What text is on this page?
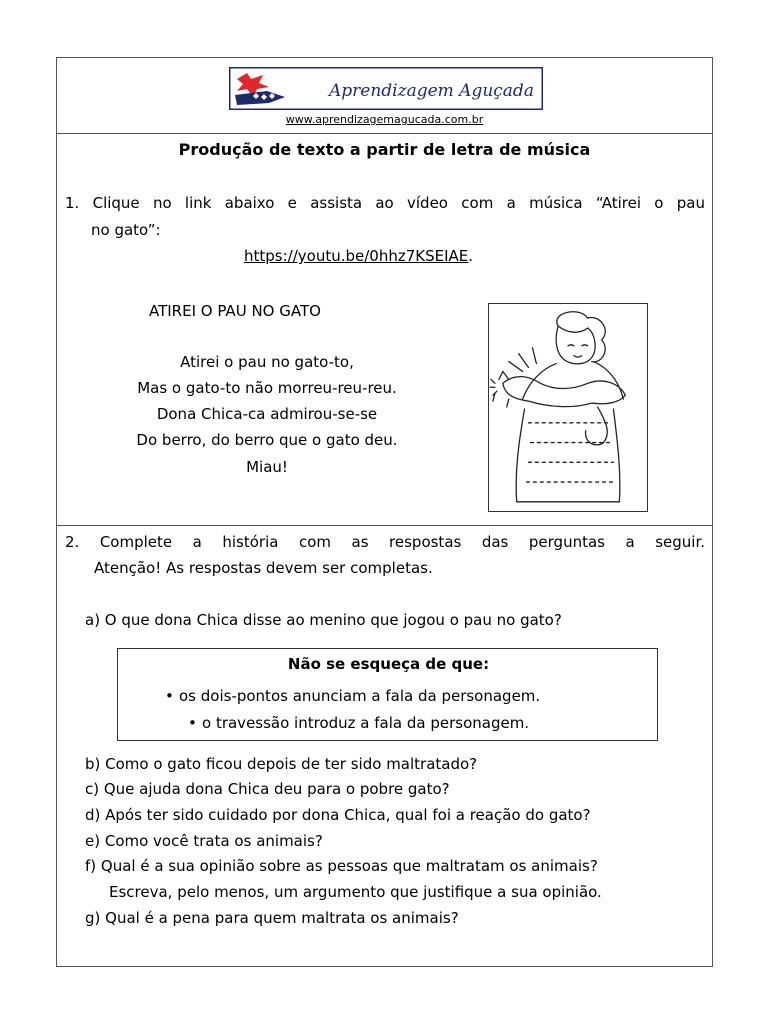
Aprendizagem Aguçada
www.aprendizagemagucada.com.br
Produção de texto a partir de letra de música
1. Clique no link abaixo e assista ao vídeo com a música “Atirei o pau
no gato”:
https://youtu.be/0hhz7KSEIAE.
ATIREI O PAU NO GATO
Atirei o pau no gato-to,
Mas o gato-to não morreu-reu-reu.
Dona Chica-ca admirou-se-se
Do berro, do berro que o gato deu.
Miau!
2. Complete a história com as respostas das perguntas a seguir.
Atenção! As respostas devem ser completas.
a) O que dona Chica disse ao menino que jogou o pau no gato?
Não se esqueça de que:
• os dois-pontos anunciam a fala da personagem.
• o travessão introduz a fala da personagem.
b) Como o gato ficou depois de ter sido maltratado?
c) Que ajuda dona Chica deu para o pobre gato?
d) Após ter sido cuidado por dona Chica, qual foi a reação do gato?
e) Como você trata os animais?
f) Qual é a sua opinião sobre as pessoas que maltratam os animais?
Escreva, pelo menos, um argumento que justifique a sua opinião.
g) Qual é a pena para quem maltrata os animais?
